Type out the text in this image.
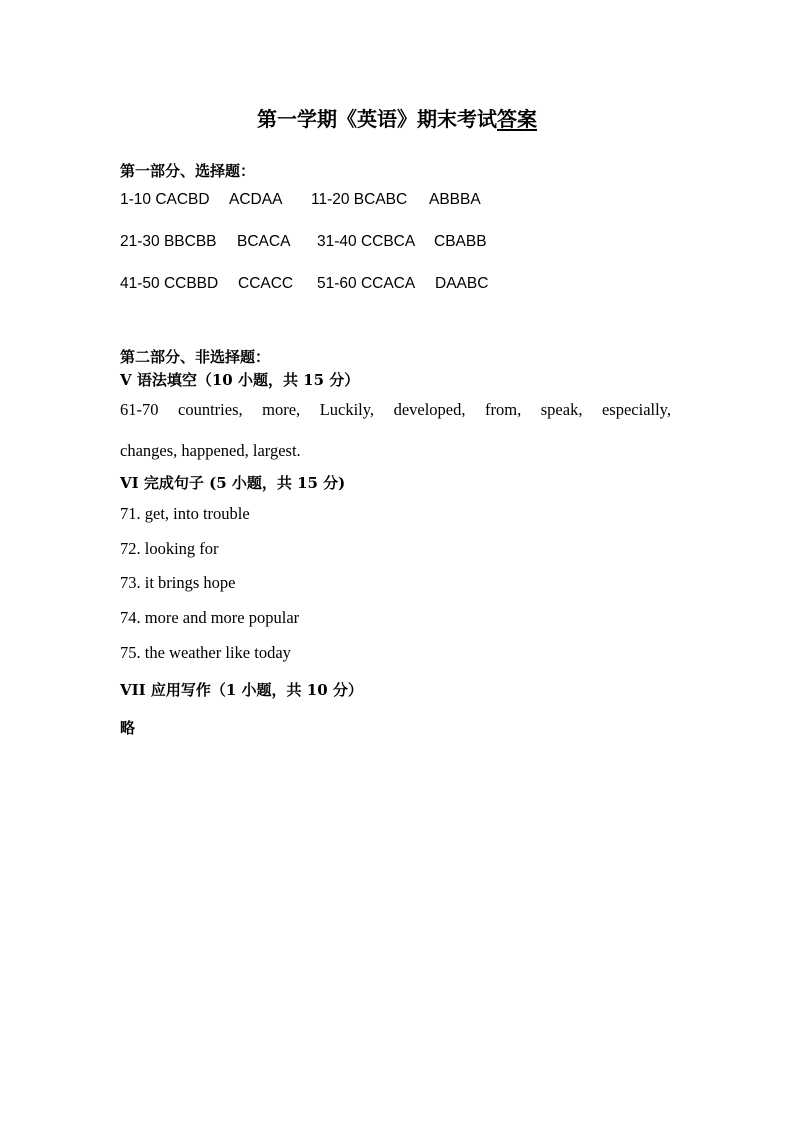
第一学期《英语》期末考试答案
第一部分、选择题：
1-10 CACBD ACDAA 11-20 BCABC ABBBA
21-30 BBCBB BCACA 31-40 CCBCA CBABB
41-50 CCBBD CCACC 51-60 CCACA DAABC
第二部分、非选择题：
V 语法填空（10 小题，共 15 分）
61-70 countries, more, Luckily, developed, from, speak, especially,
changes, happened, largest.
VI 完成句子 (5 小题，共 15 分)
71. get, into trouble
72. looking for
73. it brings hope
74. more and more popular
75. the weather like today
VII 应用写作（1 小题，共 10 分）
略
